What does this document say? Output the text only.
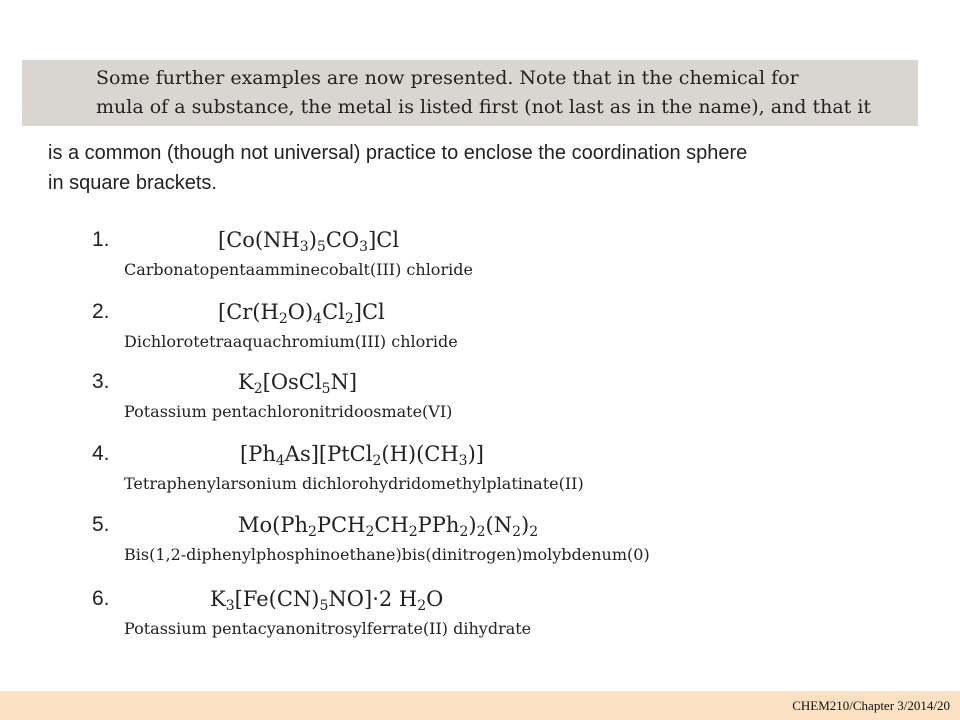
Some further examples are now presented. Note that in the chemical for
mula of a substance, the metal is listed first (not last as in the name), and that it
is a common (though not universal) practice to enclose the coordination sphere
in square brackets.
1.	$[Co(NH_3)_5CO_3]Cl$
Carbonatopentaamminecobalt(III) chloride
2.	$[Cr(H_2O)_4Cl_2]Cl$
Dichlorotetraaquachromium(III) chloride
3.	$K_2[OsCl_5N]$
Potassium pentachloronitridoosmate(VI)
4.	$[Ph_4As][PtCl_2(H)(CH_3)]$
Tetraphenylarsonium dichlorohydridomethylplatinate(II)
5.	$Mo(Ph_2PCH_2CH_2PPh_2)_2(N_2)_2$
Bis(1,2-diphenylphosphinoethane)bis(dinitrogen)molybdenum(0)
6.	$K_3[Fe(CN)_5NO]\cdot 2$ $H_2O$
Potassium pentacyanonitrosylferrate(II) dihydrate
CHEM210/Chapter 3/2014/20
